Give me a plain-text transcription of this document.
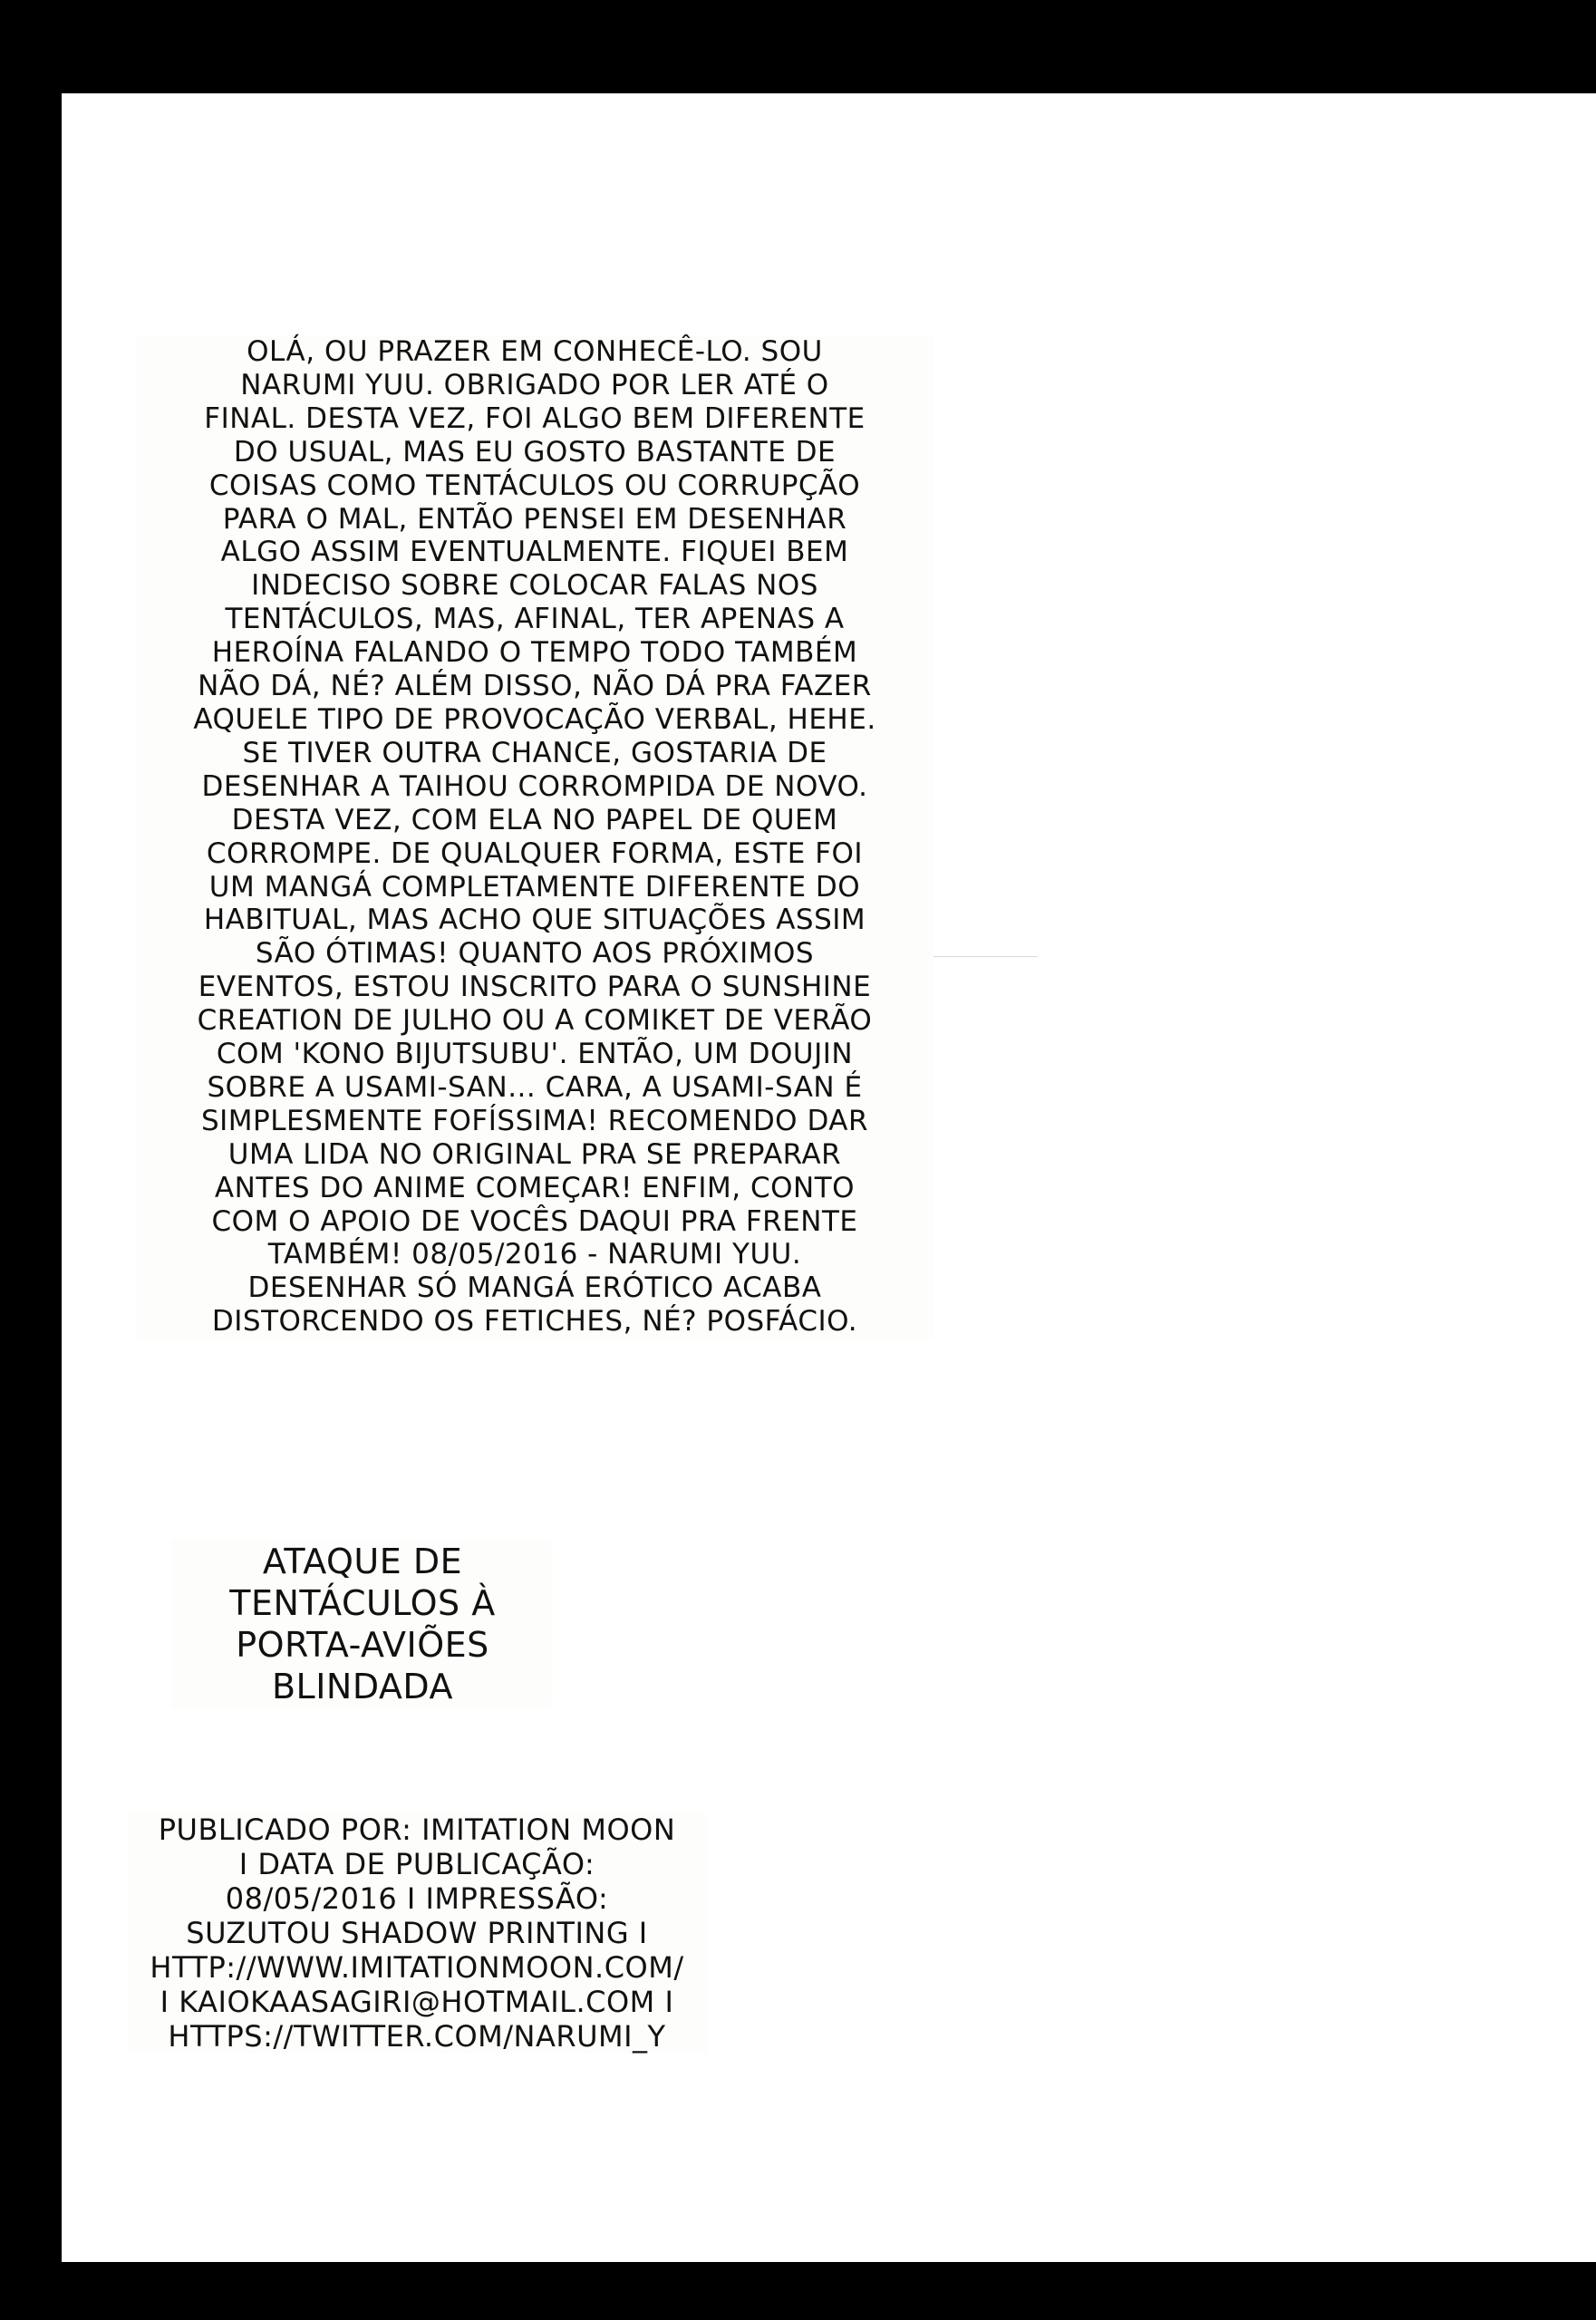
OLÁ, OU PRAZER EM CONHECÊ-LO. SOU
NARUMI YUU. OBRIGADO POR LER ATÉ O
FINAL. DESTA VEZ, FOI ALGO BEM DIFERENTE
DO USUAL, MAS EU GOSTO BASTANTE DE
COISAS COMO TENTÁCULOS OU CORRUPÇÃO
PARA O MAL, ENTÃO PENSEI EM DESENHAR
ALGO ASSIM EVENTUALMENTE. FIQUEI BEM
INDECISO SOBRE COLOCAR FALAS NOS
TENTÁCULOS, MAS, AFINAL, TER APENAS A
HEROÍNA FALANDO O TEMPO TODO TAMBÉM
NÃO DÁ, NÉ? ALÉM DISSO, NÃO DÁ PRA FAZER
AQUELE TIPO DE PROVOCAÇÃO VERBAL, HEHE.
SE TIVER OUTRA CHANCE, GOSTARIA DE
DESENHAR A TAIHOU CORROMPIDA DE NOVO.
DESTA VEZ, COM ELA NO PAPEL DE QUEM
CORROMPE. DE QUALQUER FORMA, ESTE FOI
UM MANGÁ COMPLETAMENTE DIFERENTE DO
HABITUAL, MAS ACHO QUE SITUAÇÕES ASSIM
SÃO ÓTIMAS! QUANTO AOS PRÓXIMOS
EVENTOS, ESTOU INSCRITO PARA O SUNSHINE
CREATION DE JULHO OU A COMIKET DE VERÃO
COM 'KONO BIJUTSUBU'. ENTÃO, UM DOUJIN
SOBRE A USAMI-SAN... CARA, A USAMI-SAN É
SIMPLESMENTE FOFÍSSIMA! RECOMENDO DAR
UMA LIDA NO ORIGINAL PRA SE PREPARAR
ANTES DO ANIME COMEÇAR! ENFIM, CONTO
COM O APOIO DE VOCÊS DAQUI PRA FRENTE
TAMBÉM! 08/05/2016 - NARUMI YUU.
DESENHAR SÓ MANGÁ ERÓTICO ACABA
DISTORCENDO OS FETICHES, NÉ? POSFÁCIO.
ATAQUE DE
TENTÁCULOS À
PORTA-AVIÕES
BLINDADA
PUBLICADO POR: IMITATION MOON
I DATA DE PUBLICAÇÃO:
08/05/2016 I IMPRESSÃO:
SUZUTOU SHADOW PRINTING I
HTTP://WWW.IMITATIONMOON.COM/
I KAIOKAASAGIRI@HOTMAIL.COM I
HTTPS://TWITTER.COM/NARUMI_Y
